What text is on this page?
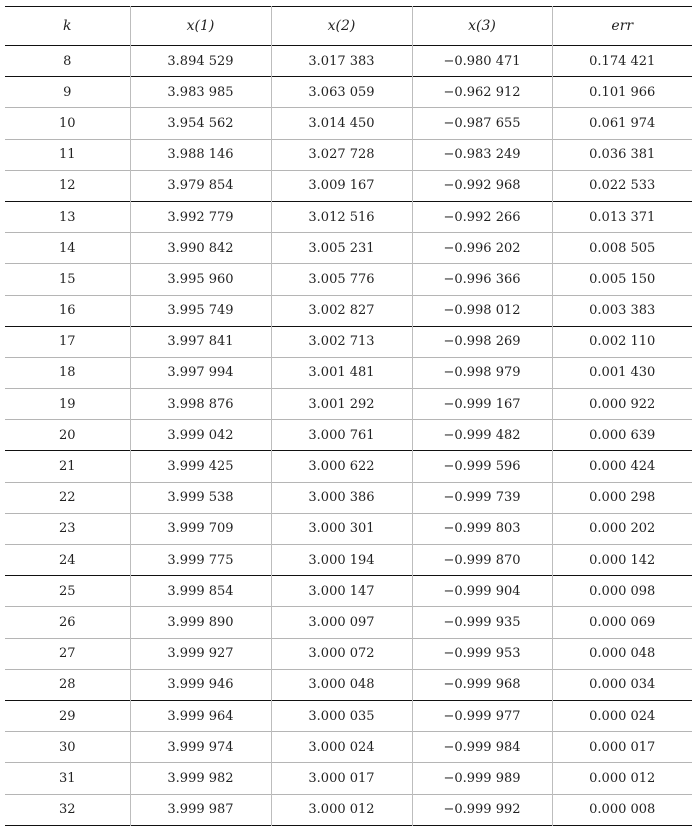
k	x(1)	x(2)	x(3)	err
8	3.894 529	3.017 383	−0.980 471	0.174 421
9	3.983 985	3.063 059	−0.962 912	0.101 966
10	3.954 562	3.014 450	−0.987 655	0.061 974
11	3.988 146	3.027 728	−0.983 249	0.036 381
12	3.979 854	3.009 167	−0.992 968	0.022 533
13	3.992 779	3.012 516	−0.992 266	0.013 371
14	3.990 842	3.005 231	−0.996 202	0.008 505
15	3.995 960	3.005 776	−0.996 366	0.005 150
16	3.995 749	3.002 827	−0.998 012	0.003 383
17	3.997 841	3.002 713	−0.998 269	0.002 110
18	3.997 994	3.001 481	−0.998 979	0.001 430
19	3.998 876	3.001 292	−0.999 167	0.000 922
20	3.999 042	3.000 761	−0.999 482	0.000 639
21	3.999 425	3.000 622	−0.999 596	0.000 424
22	3.999 538	3.000 386	−0.999 739	0.000 298
23	3.999 709	3.000 301	−0.999 803	0.000 202
24	3.999 775	3.000 194	−0.999 870	0.000 142
25	3.999 854	3.000 147	−0.999 904	0.000 098
26	3.999 890	3.000 097	−0.999 935	0.000 069
27	3.999 927	3.000 072	−0.999 953	0.000 048
28	3.999 946	3.000 048	−0.999 968	0.000 034
29	3.999 964	3.000 035	−0.999 977	0.000 024
30	3.999 974	3.000 024	−0.999 984	0.000 017
31	3.999 982	3.000 017	−0.999 989	0.000 012
32	3.999 987	3.000 012	−0.999 992	0.000 008
